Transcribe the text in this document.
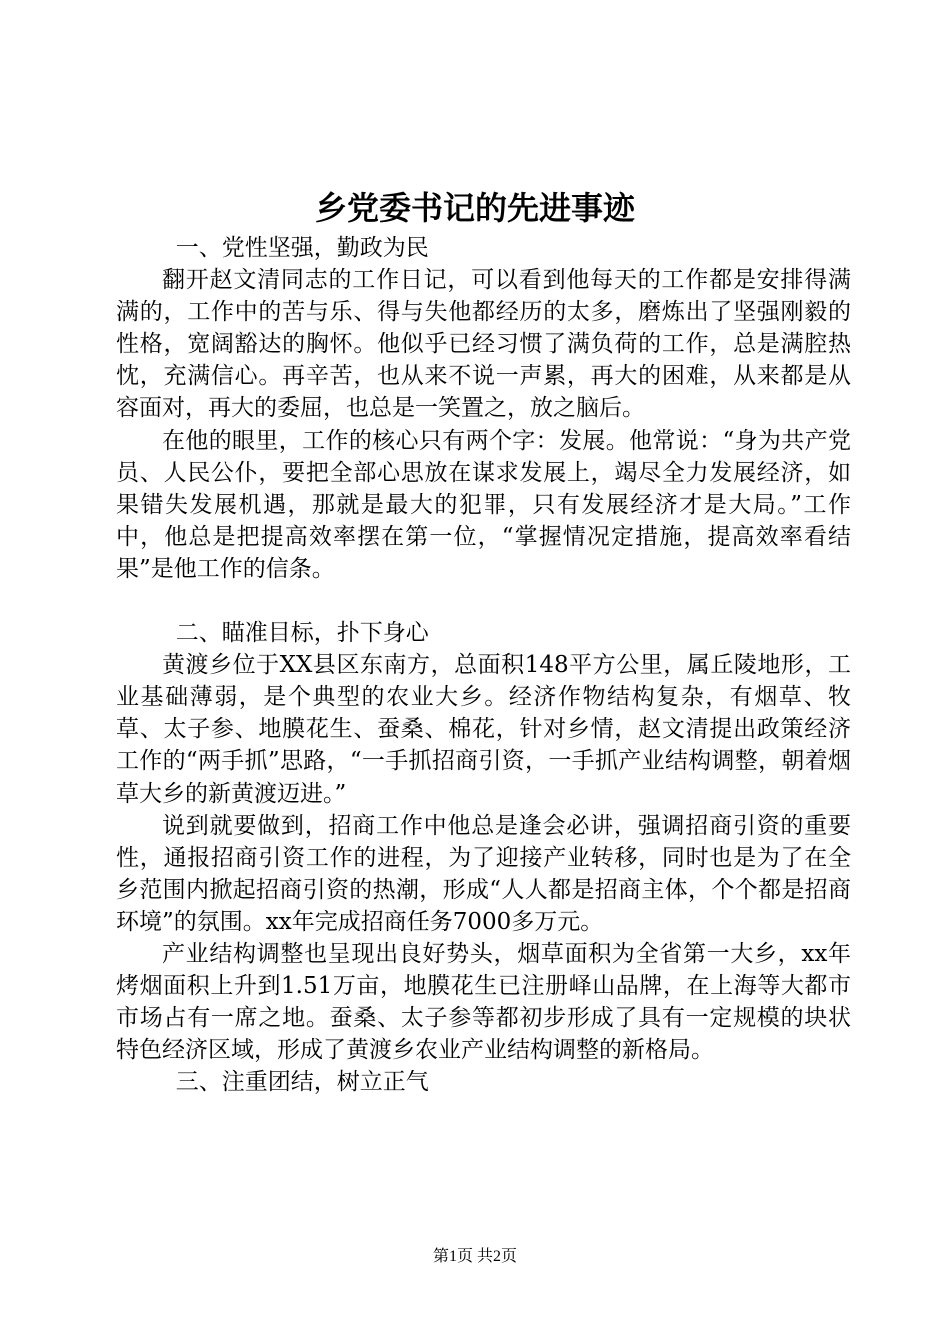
乡党委书记的先进事迹

一、党性坚强，勤政为民

翻开赵文清同志的工作日记，可以看到他每天的工作都是安排得满满的，工作中的苦与乐、得与失他都经历的太多，磨炼出了坚强刚毅的性格，宽阔豁达的胸怀。他似乎已经习惯了满负荷的工作，总是满腔热忱，充满信心。再辛苦，也从来不说一声累，再大的困难，从来都是从容面对，再大的委屈，也总是一笑置之，放之脑后。

在他的眼里，工作的核心只有两个字：发展。他常说：“身为共产党员、人民公仆，要把全部心思放在谋求发展上，竭尽全力发展经济，如果错失发展机遇，那就是最大的犯罪，只有发展经济才是大局。”工作中，他总是把提高效率摆在第一位，“掌握情况定措施，提高效率看结果”是他工作的信条。

二、瞄准目标，扑下身心

黄渡乡位于XX县区东南方，总面积148平方公里，属丘陵地形，工业基础薄弱，是个典型的农业大乡。经济作物结构复杂，有烟草、牧草、太子参、地膜花生、蚕桑、棉花，针对乡情，赵文清提出政策经济工作的“两手抓”思路，“一手抓招商引资，一手抓产业结构调整，朝着烟草大乡的新黄渡迈进。”

说到就要做到，招商工作中他总是逢会必讲，强调招商引资的重要性，通报招商引资工作的进程，为了迎接产业转移，同时也是为了在全乡范围内掀起招商引资的热潮，形成“人人都是招商主体，个个都是招商环境”的氛围。xx年完成招商任务7000多万元。

产业结构调整也呈现出良好势头，烟草面积为全省第一大乡，xx年烤烟面积上升到1.51万亩，地膜花生已注册峄山品牌，在上海等大都市市场占有一席之地。蚕桑、太子参等都初步形成了具有一定规模的块状特色经济区域，形成了黄渡乡农业产业结构调整的新格局。

三、注重团结，树立正气

第1页 共2页
